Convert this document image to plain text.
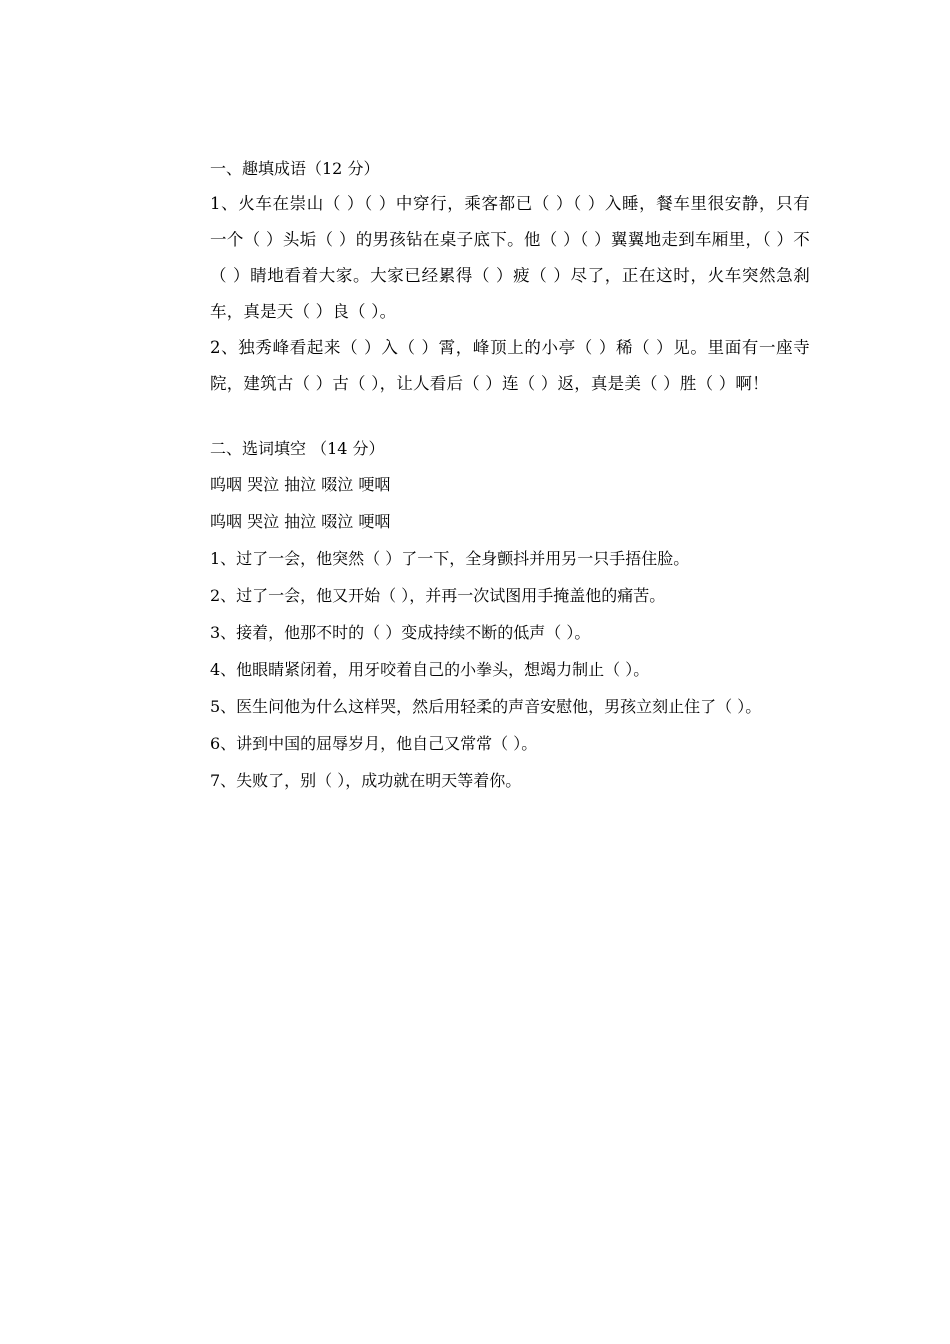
一、趣填成语（12 分）

1、火车在崇山（ ）（ ）中穿行，乘客都已（ ）（ ）入睡，餐车里很安静，只有一个（ ）头垢（ ）的男孩钻在桌子底下。他（ ）（ ）翼翼地走到车厢里，（ ）不（ ）睛地看着大家。大家已经累得（ ）疲（ ）尽了，正在这时，火车突然急刹车，真是天（ ）良（ ）。

2、独秀峰看起来（ ）入（ ）霄，峰顶上的小亭（ ）稀（ ）见。里面有一座寺院，建筑古（ ）古（ ），让人看后（ ）连（ ）返，真是美（ ）胜（ ）啊！

二、选词填空 （14 分）

呜咽 哭泣 抽泣 啜泣 哽咽

呜咽 哭泣 抽泣 啜泣 哽咽

1、过了一会，他突然（ ）了一下，全身颤抖并用另一只手捂住脸。

2、过了一会，他又开始（ ），并再一次试图用手掩盖他的痛苦。

3、接着，他那不时的（ ）变成持续不断的低声（ ）。

4、他眼睛紧闭着，用牙咬着自己的小拳头，想竭力制止（ ）。

5、医生问他为什么这样哭，然后用轻柔的声音安慰他，男孩立刻止住了（ ）。

6、讲到中国的屈辱岁月，他自己又常常（ ）。

7、失败了，别（ ），成功就在明天等着你。
